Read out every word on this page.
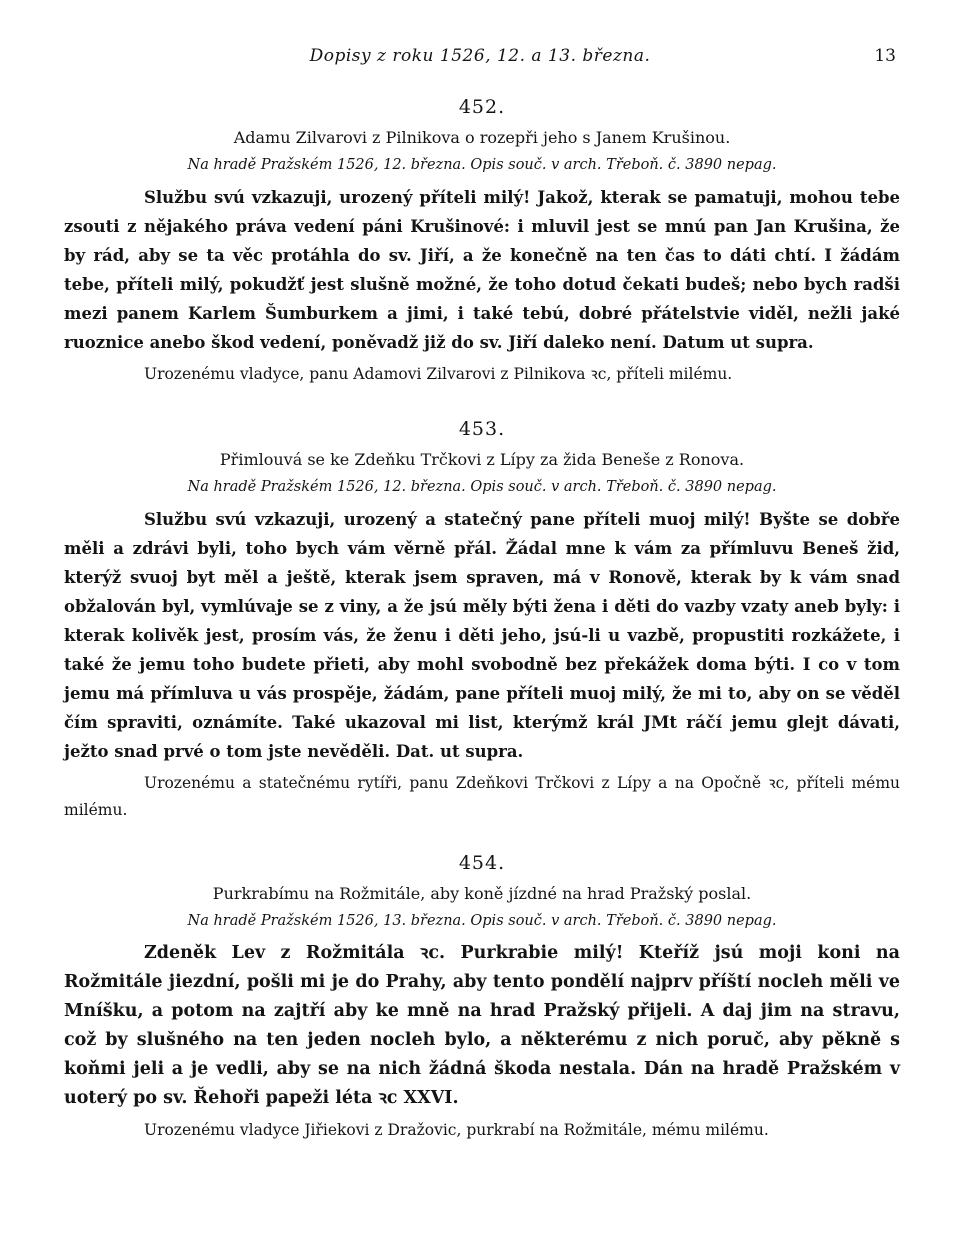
Dopisy z roku 1526, 12. a 13. března.	13
452.
Adamu Zilvarovi z Pilnikova o rozepři jeho s Janem Krušinou.
Na hradě Pražském 1526, 12. března. Opis souč. v arch. Třeboň. č. 3890 nepag.

Službu svú vzkazuji, urozený příteli milý! Jakož, kterak se pamatuji, mohou tebe zsouti z nějakého práva vedení páni Krušinové: i mluvil jest se mnú pan Jan Krušina, že by rád, aby se ta věc protáhla do sv. Jiří, a že konečně na ten čas to dáti chtí. I žádám tebe, příteli milý, pokudžť jest slušně možné, že toho dotud čekati budeš; nebo bych radši mezi panem Karlem Šumburkem a jimi, i také tebú, dobré přátelstvie viděl, nežli jaké ruoznice anebo škod vedení, poněvadž již do sv. Jiří daleko není. Datum ut supra.

Urozenému vladyce, panu Adamovi Zilvarovi z Pilnikova ꝛc, příteli milému.

453.
Přimlouvá se ke Zdeňku Trčkovi z Lípy za žida Beneše z Ronova.
Na hradě Pražském 1526, 12. března. Opis souč. v arch. Třeboň. č. 3890 nepag.

Službu svú vzkazuji, urozený a statečný pane příteli muoj milý! Byšte se dobře měli a zdrávi byli, toho bych vám věrně přál. Žádal mne k vám za přímluvu Beneš žid, kterýž svuoj byt měl a ještě, kterak jsem spraven, má v Ronově, kterak by k vám snad obžalován byl, vymlúvaje se z viny, a že jsú měly býti žena i děti do vazby vzaty aneb byly: i kterak kolivěk jest, prosím vás, že ženu i děti jeho, jsú-li u vazbě, propustiti rozkážete, i také že jemu toho budete přieti, aby mohl svobodně bez překážek doma býti. I co v tom jemu má přímluva u vás prospěje, žádám, pane příteli muoj milý, že mi to, aby on se věděl čím spraviti, oznámíte. Také ukazoval mi list, kterýmž král JMt ráčí jemu glejt dávati, ježto snad prvé o tom jste nevěděli. Dat. ut supra.

Urozenému a statečnému rytíři, panu Zdeňkovi Trčkovi z Lípy a na Opočně ꝛc, příteli mému milému.

454.
Purkrabímu na Rožmitále, aby koně jízdné na hrad Pražský poslal.
Na hradě Pražském 1526, 13. března. Opis souč. v arch. Třeboň. č. 3890 nepag.

Zdeněk Lev z Rožmitála ꝛc. Purkrabie milý! Kteříž jsú moji koni na Rožmitále jiezdní, pošli mi je do Prahy, aby tento pondělí najprv příští nocleh měli ve Mníšku, a potom na zajtří aby ke mně na hrad Pražský přijeli. A daj jim na stravu, což by slušného na ten jeden nocleh bylo, a některému z nich poruč, aby pěkně s koňmi jeli a je vedli, aby se na nich žádná škoda nestala. Dán na hradě Pražském v uoterý po sv. Řehoři papeži léta ꝛc XXVI.

Urozenému vladyce Jiřiekovi z Dražovic, purkrabí na Rožmitále, mému milému.
